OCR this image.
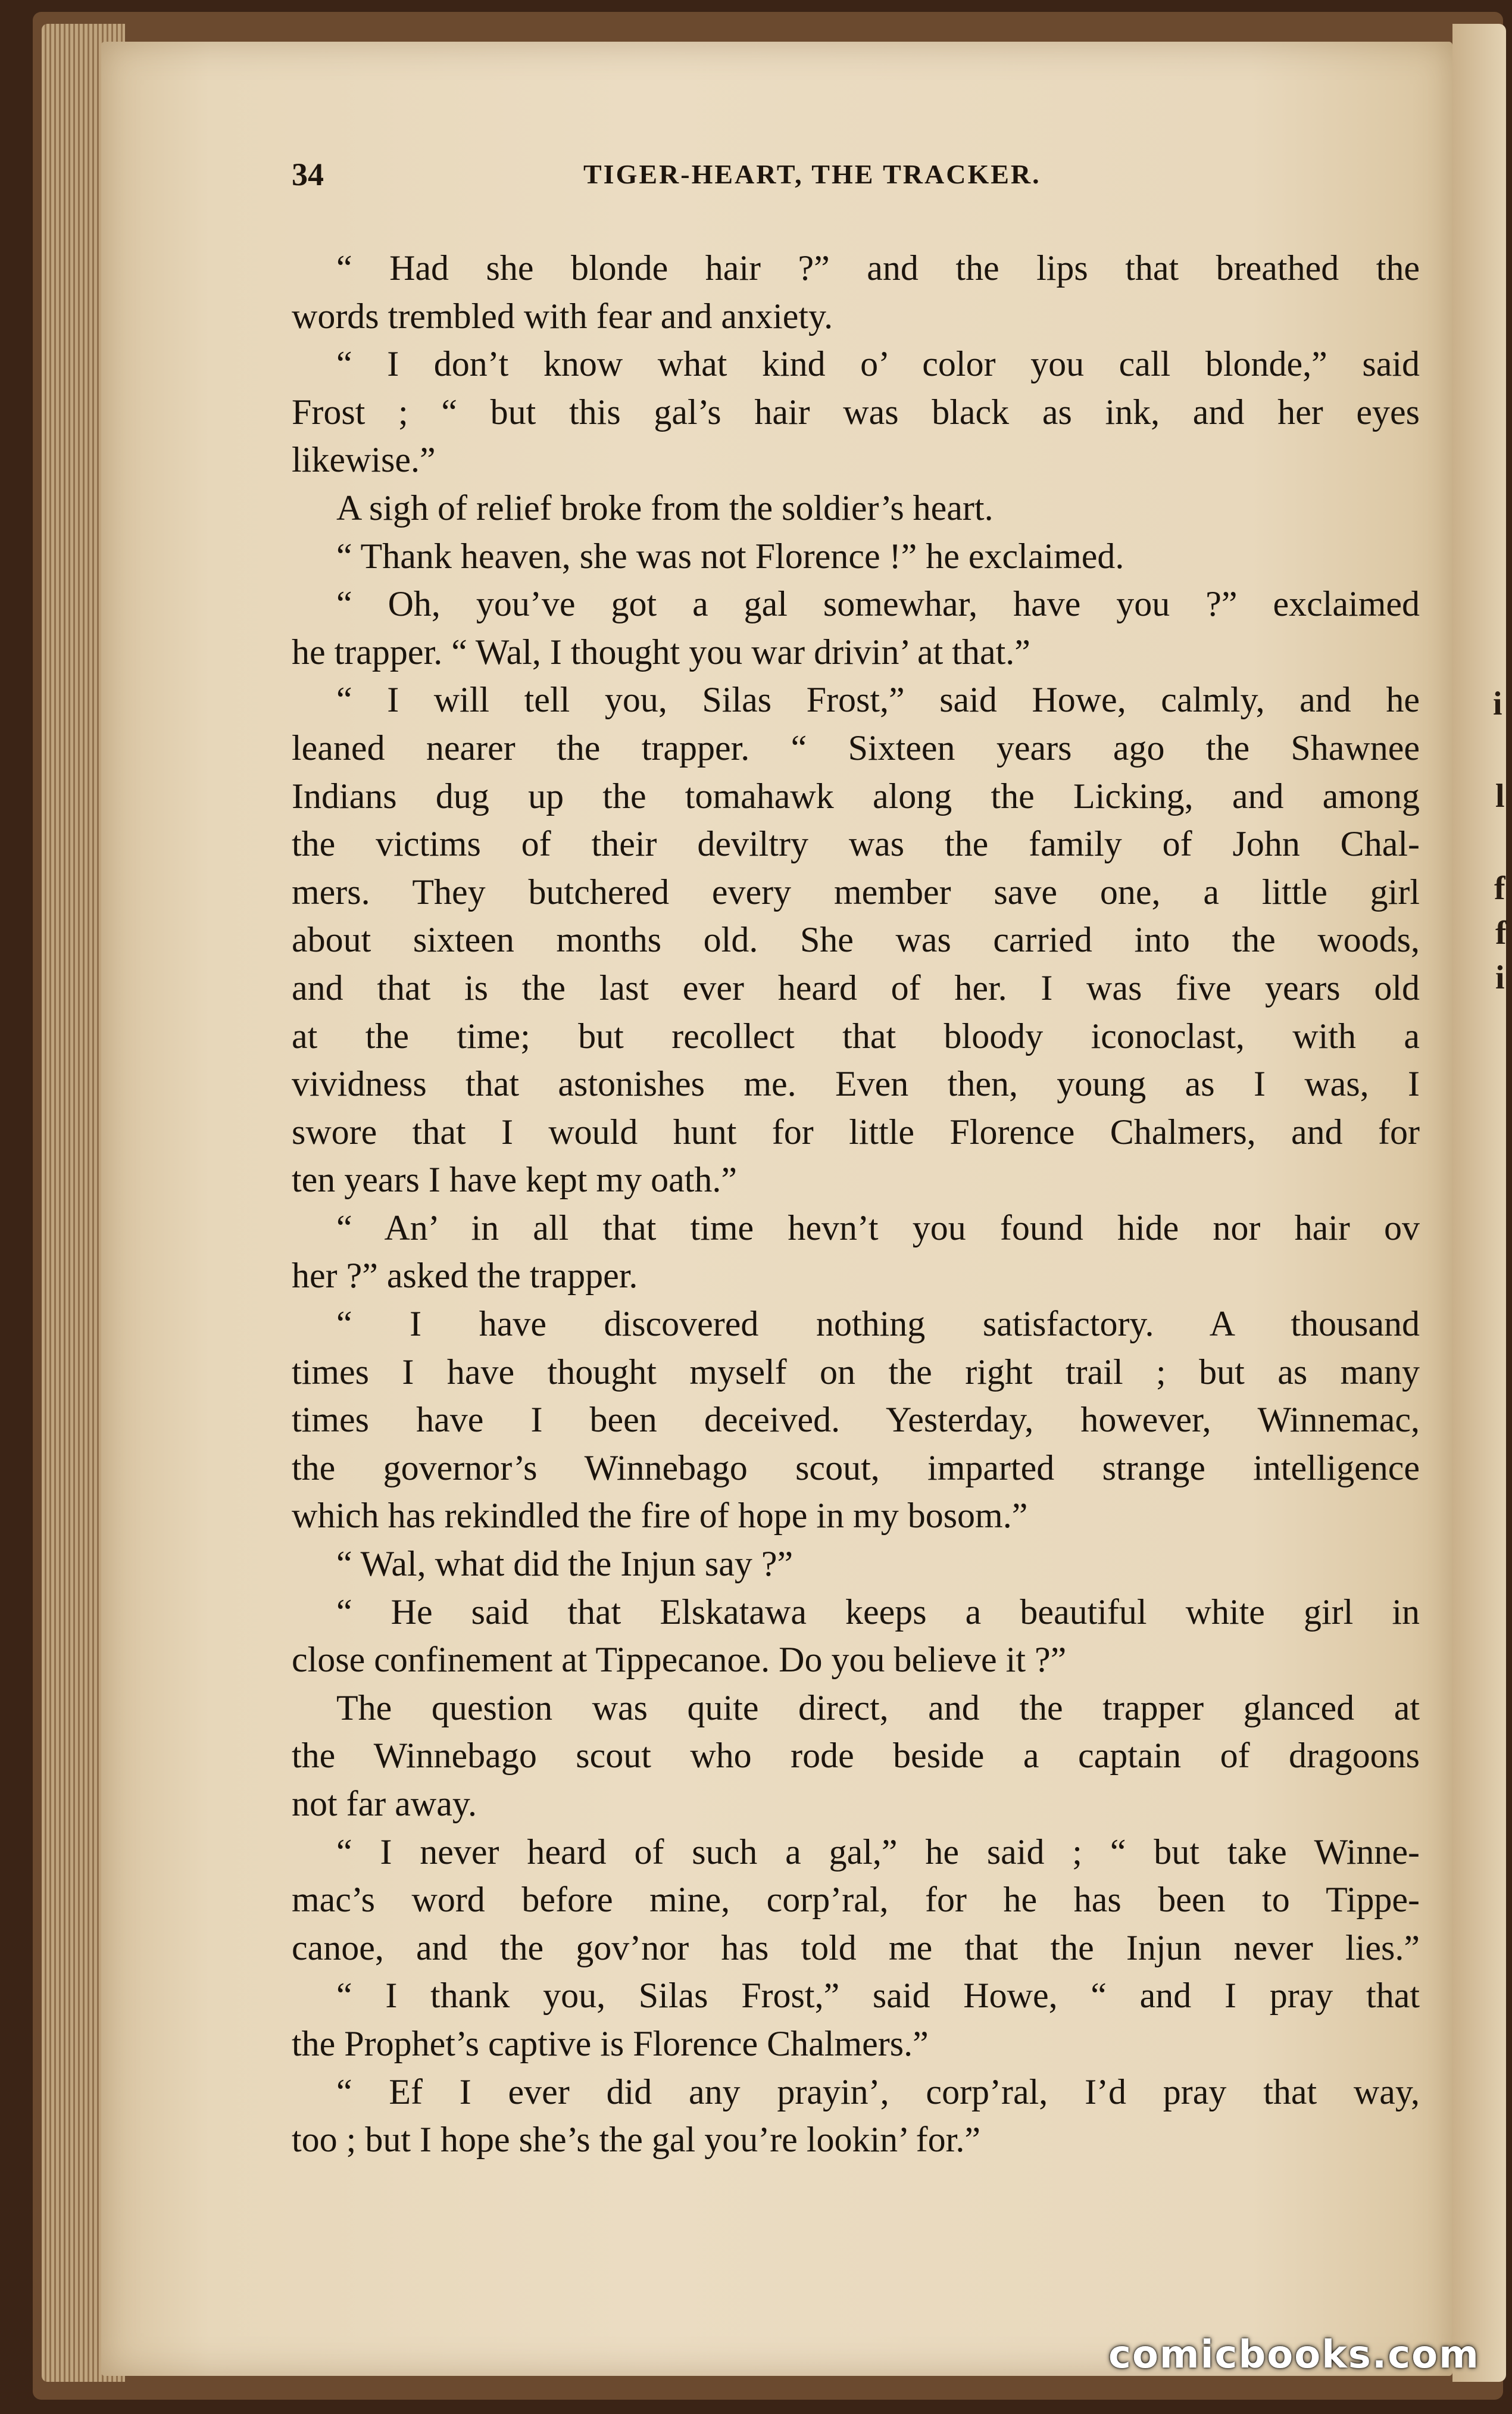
i
l
f
f
i
34	TIGER-HEART, THE TRACKER.
“ Had she blonde hair ?” and the lips that breathed the
words trembled with fear and anxiety.
“ I don’t know what kind o’ color you call blonde,” said
Frost ; “ but this gal’s hair was black as ink, and her eyes
likewise.”
A sigh of relief broke from the soldier’s heart.
“ Thank heaven, she was not Florence !” he exclaimed.
“ Oh, you’ve got a gal somewhar, have you ?” exclaimed
he trapper. “ Wal, I thought you war drivin’ at that.”
“ I will tell you, Silas Frost,” said Howe, calmly, and he
leaned nearer the trapper. “ Sixteen years ago the Shawnee
Indians dug up the tomahawk along the Licking, and among
the victims of their deviltry was the family of John Chal-
mers. They butchered every member save one, a little girl
about sixteen months old. She was carried into the woods,
and that is the last ever heard of her. I was five years old
at the time; but recollect that bloody iconoclast, with a
vividness that astonishes me. Even then, young as I was, I
swore that I would hunt for little Florence Chalmers, and for
ten years I have kept my oath.”
“ An’ in all that time hevn’t you found hide nor hair ov
her ?” asked the trapper.
“ I have discovered nothing satisfactory. A thousand
times I have thought myself on the right trail ; but as many
times have I been deceived. Yesterday, however, Winnemac,
the governor’s Winnebago scout, imparted strange intelligence
which has rekindled the fire of hope in my bosom.”
“ Wal, what did the Injun say ?”
“ He said that Elskatawa keeps a beautiful white girl in
close confinement at Tippecanoe. Do you believe it ?”
The question was quite direct, and the trapper glanced at
the Winnebago scout who rode beside a captain of dragoons
not far away.
“ I never heard of such a gal,” he said ; “ but take Winne-
mac’s word before mine, corp’ral, for he has been to Tippe-
canoe, and the gov’nor has told me that the Injun never lies.”
“ I thank you, Silas Frost,” said Howe, “ and I pray that
the Prophet’s captive is Florence Chalmers.”
“ Ef I ever did any prayin’, corp’ral, I’d pray that way,
too ; but I hope she’s the gal you’re lookin’ for.”
comicbooks.com
